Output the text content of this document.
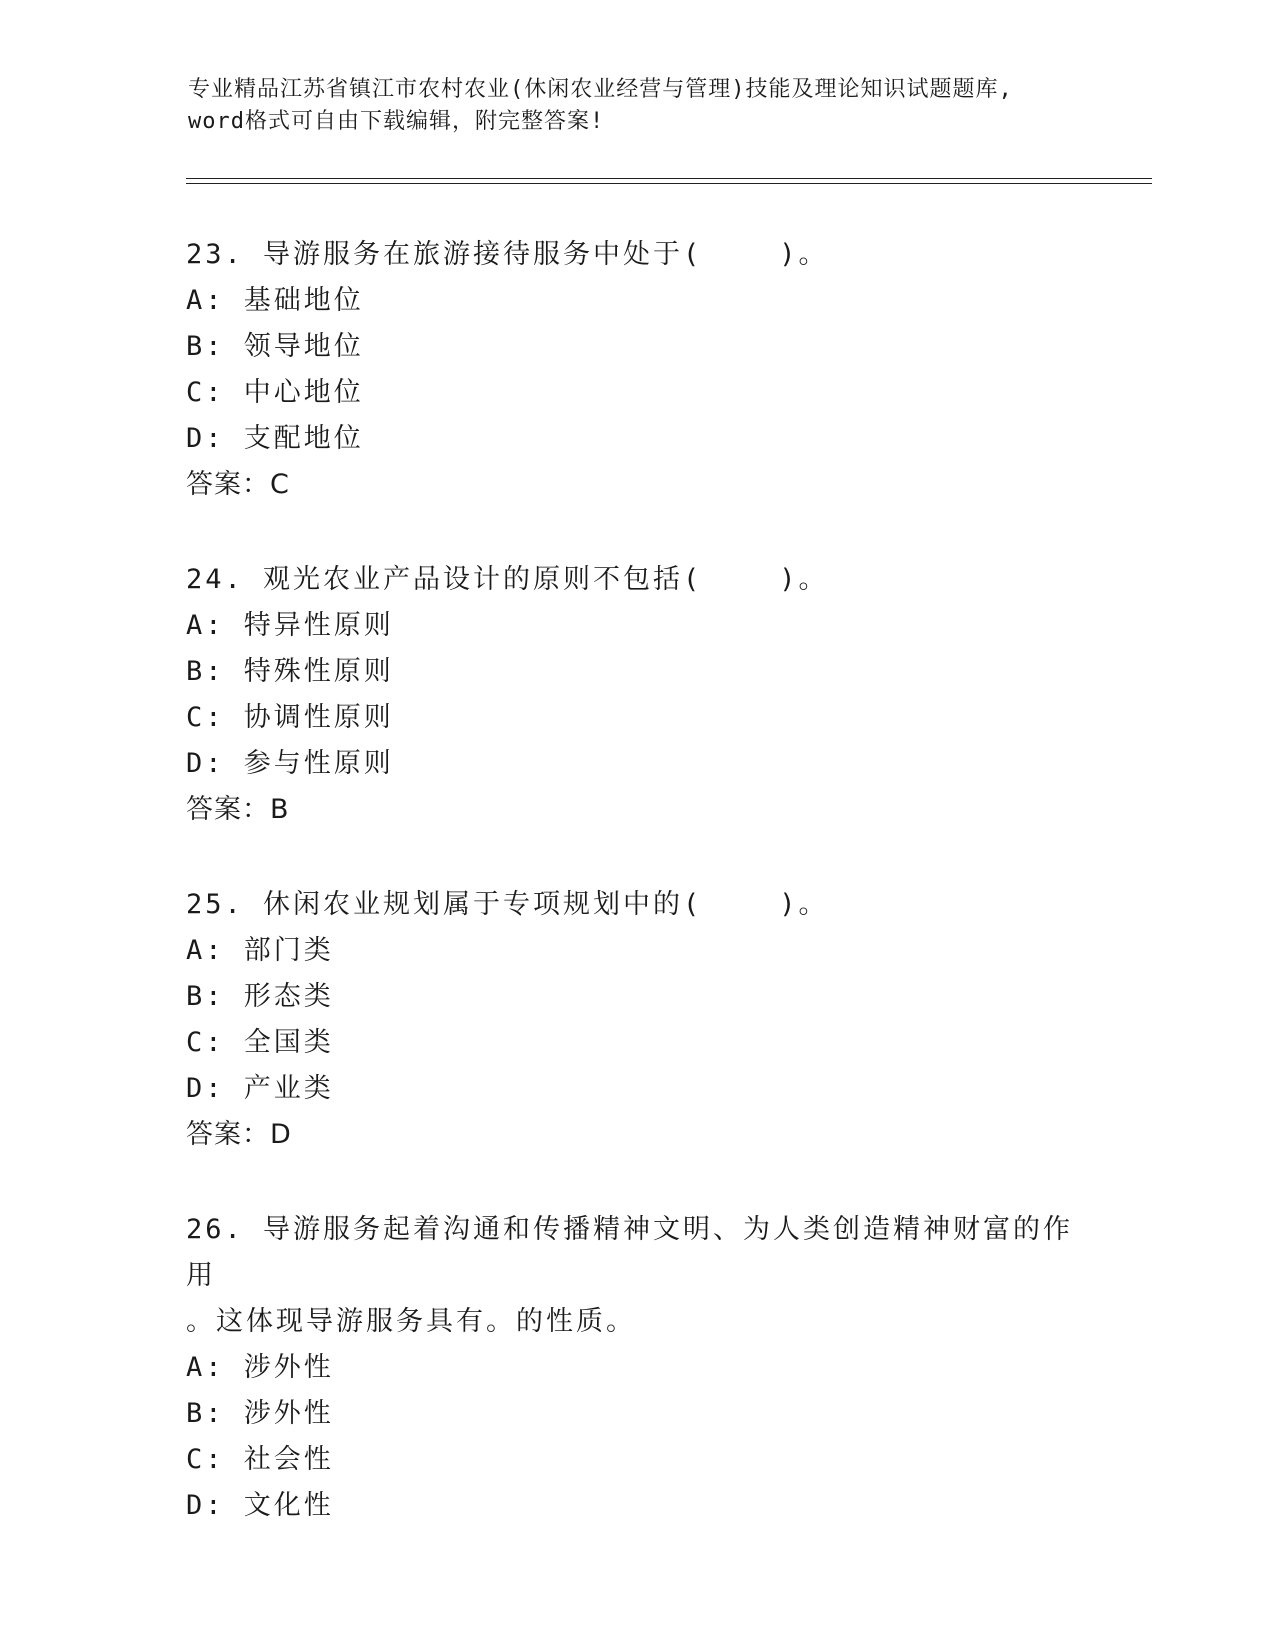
专业精品江苏省镇江市农村农业(休闲农业经营与管理)技能及理论知识试题题库,
word格式可自由下载编辑，附完整答案!
23. 导游服务在旅游接待服务中处于(    )。
A: 基础地位
B: 领导地位
C: 中心地位
D: 支配地位
答案：C
24. 观光农业产品设计的原则不包括(    )。
A: 特异性原则
B: 特殊性原则
C: 协调性原则
D: 参与性原则
答案：B
25. 休闲农业规划属于专项规划中的(    )。
A: 部门类
B: 形态类
C: 全国类
D: 产业类
答案：D
26. 导游服务起着沟通和传播精神文明、为人类创造精神财富的作用
。这体现导游服务具有。的性质。
A: 涉外性
B: 涉外性
C: 社会性
D: 文化性
